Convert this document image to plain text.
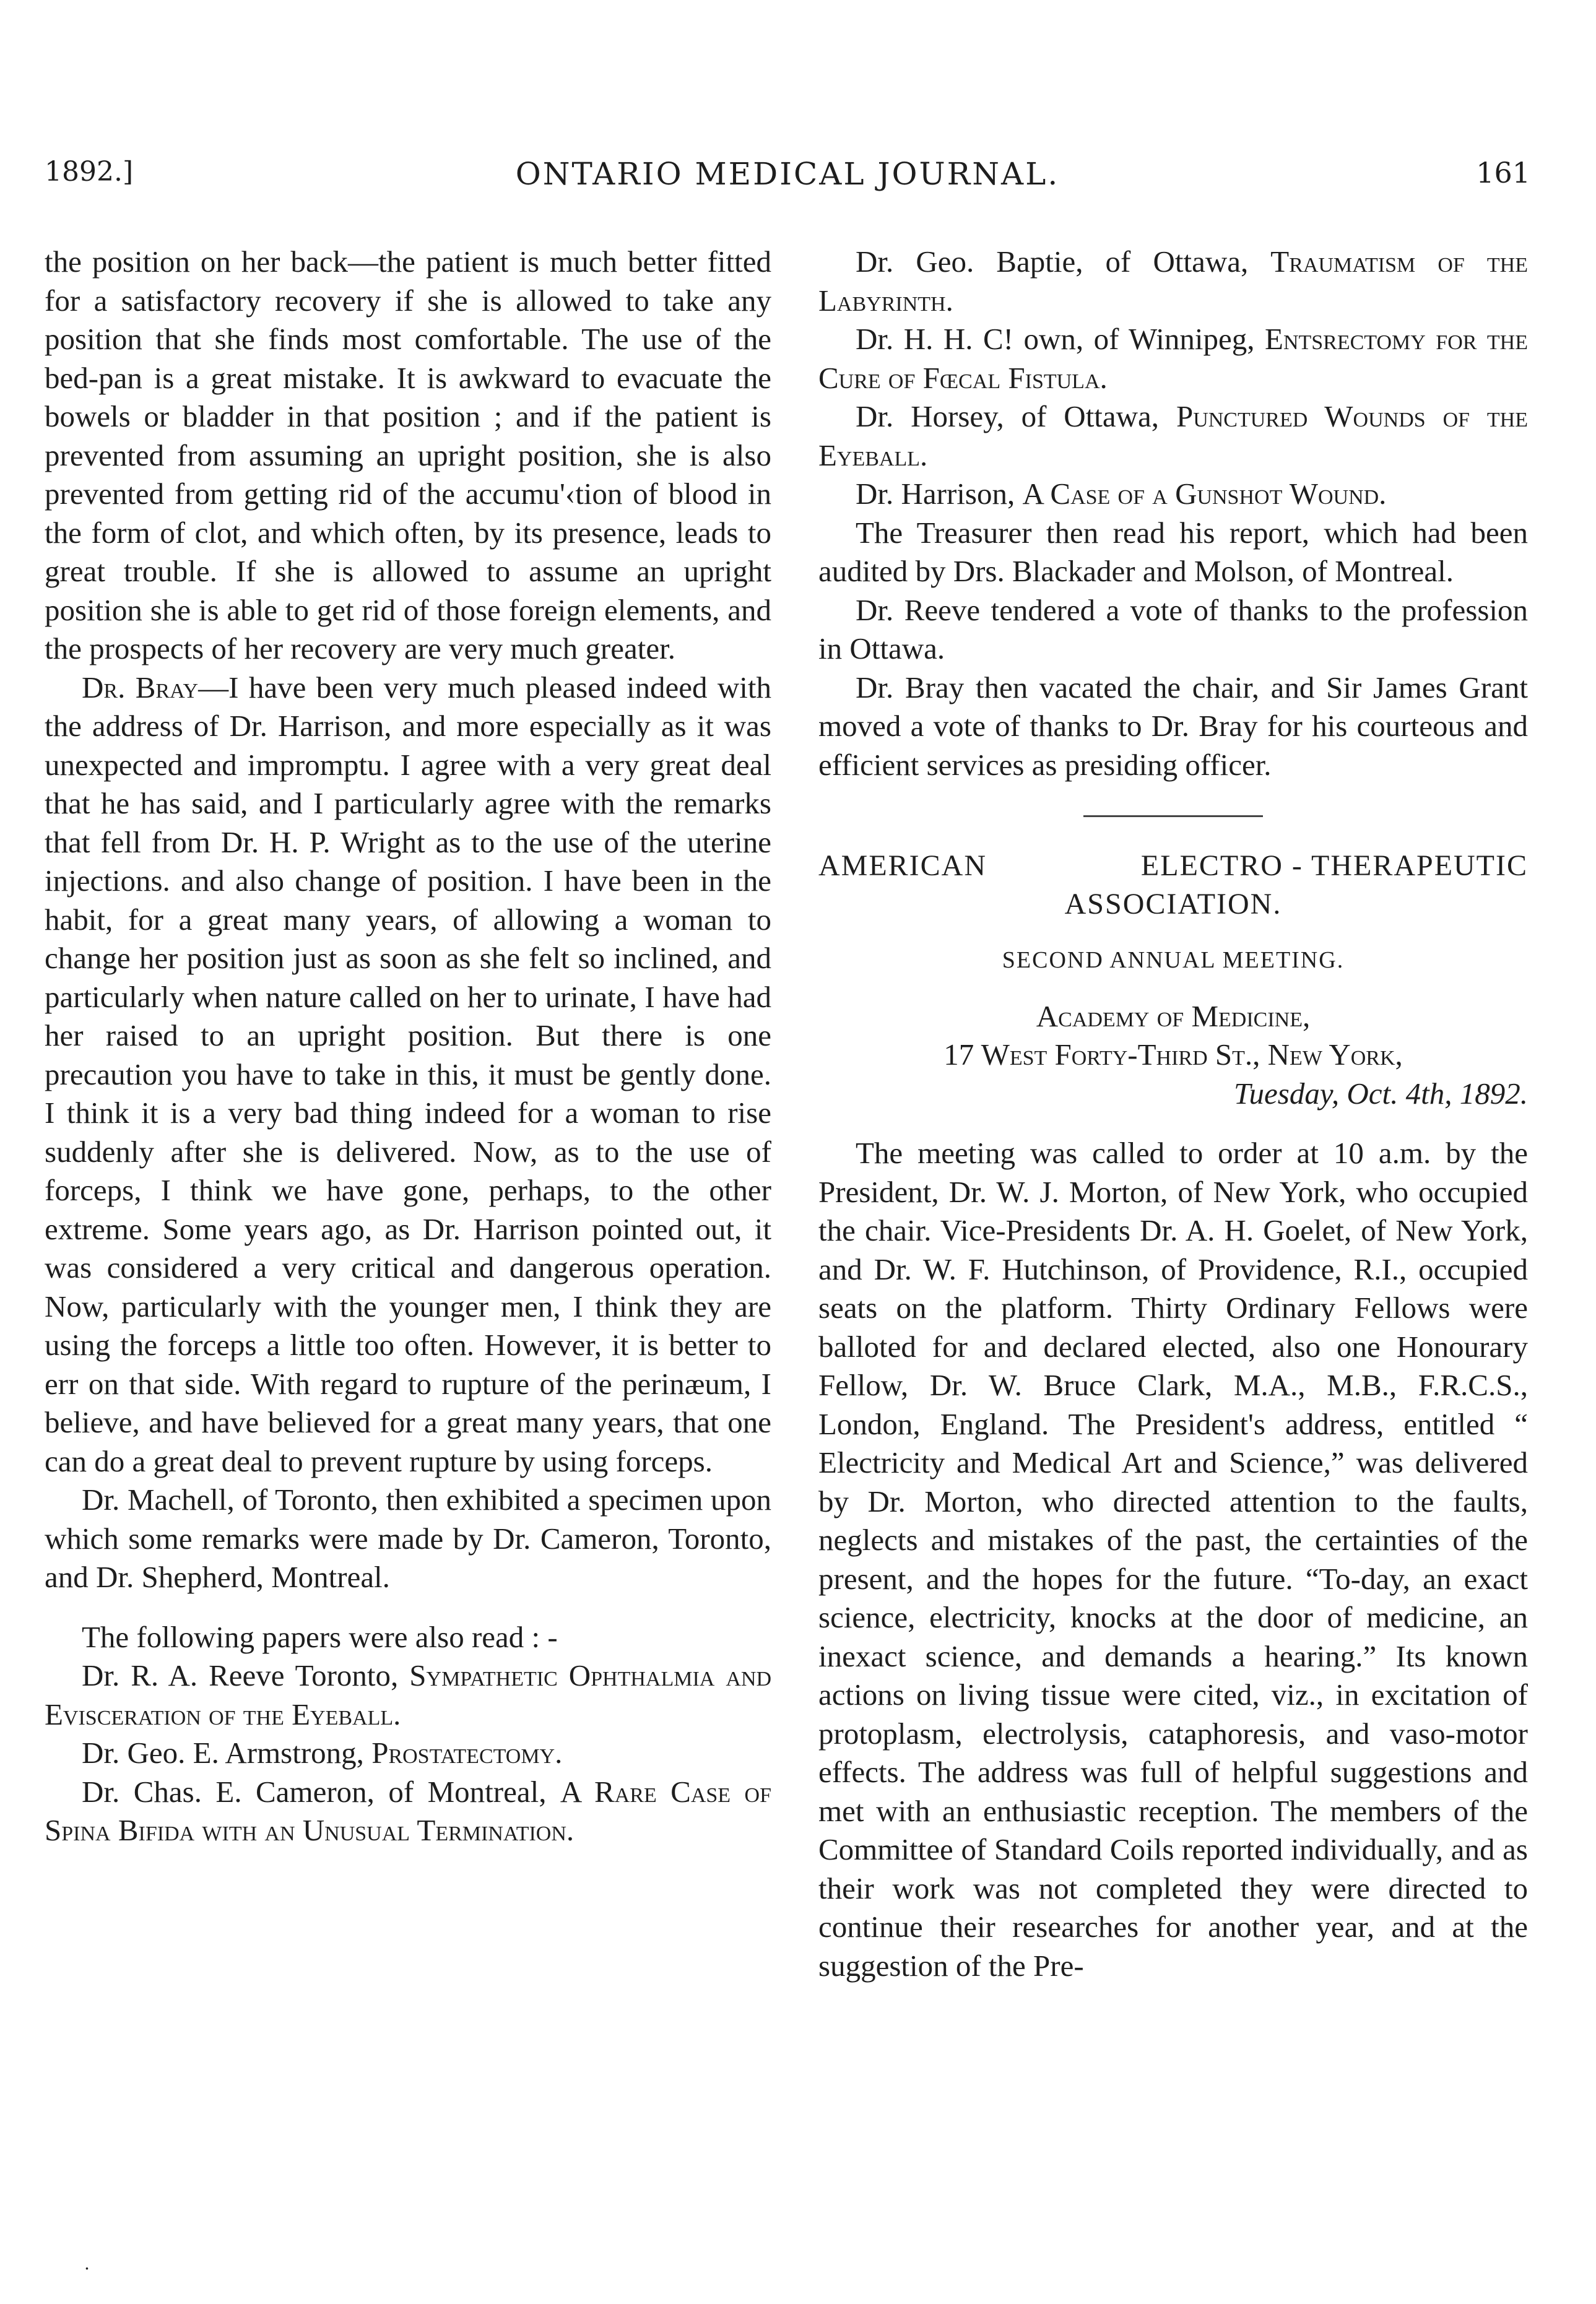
1892.]	ONTARIO MEDICAL JOURNAL.	161

the position on her back—the patient is much better fitted for a satisfactory recovery if she is allowed to take any position that she finds most comfortable. The use of the bed-pan is a great mistake. It is awkward to evacuate the bowels or bladder in that position ; and if the patient is prevented from assuming an upright position, she is also prevented from getting rid of the accumu'‹tion of blood in the form of clot, and which often, by its presence, leads to great trouble. If she is allowed to assume an upright position she is able to get rid of those foreign elements, and the prospects of her recovery are very much greater.

Dr. Bray—I have been very much pleased indeed with the address of Dr. Harrison, and more especially as it was unexpected and impromptu. I agree with a very great deal that he has said, and I particularly agree with the remarks that fell from Dr. H. P. Wright as to the use of the uterine injections. and also change of position. I have been in the habit, for a great many years, of allowing a woman to change her position just as soon as she felt so inclined, and particularly when nature called on her to urinate, I have had her raised to an upright position. But there is one precaution you have to take in this, it must be gently done. I think it is a very bad thing indeed for a woman to rise suddenly after she is delivered. Now, as to the use of forceps, I think we have gone, perhaps, to the other extreme. Some years ago, as Dr. Harrison pointed out, it was considered a very critical and dangerous operation. Now, particularly with the younger men, I think they are using the forceps a little too often. However, it is better to err on that side. With regard to rupture of the perinæum, I believe, and have believed for a great many years, that one can do a great deal to prevent rupture by using forceps.

Dr. Machell, of Toronto, then exhibited a specimen upon which some remarks were made by Dr. Cameron, Toronto, and Dr. Shepherd, Montreal.

The following papers were also read : -

Dr. R. A. Reeve Toronto, Sympathetic Ophthalmia and Evisceration of the Eyeball.

Dr. Geo. E. Armstrong, Prostatectomy.

Dr. Chas. E. Cameron, of Montreal, A Rare Case of Spina Bifida with an Unusual Termination.

Dr. Geo. Baptie, of Ottawa, Traumatism of the Labyrinth.

Dr. H. H. C! own, of Winnipeg, Entsrectomy for the Cure of Fœcal Fistula.

Dr. Horsey, of Ottawa, Punctured Wounds of the Eyeball.

Dr. Harrison, A Case of a Gunshot Wound.

The Treasurer then read his report, which had been audited by Drs. Blackader and Molson, of Montreal.

Dr. Reeve tendered a vote of thanks to the profession in Ottawa.

Dr. Bray then vacated the chair, and Sir James Grant moved a vote of thanks to Dr. Bray for his courteous and efficient services as presiding officer.

AMERICAN	ELECTRO - THERAPEUTIC
ASSOCIATION.
SECOND ANNUAL MEETING.
Academy of Medicine,
17 West Forty-Third St., New York,
Tuesday, Oct. 4th, 1892.

The meeting was called to order at 10 a.m. by the President, Dr. W. J. Morton, of New York, who occupied the chair. Vice-Presidents Dr. A. H. Goelet, of New York, and Dr. W. F. Hutchinson, of Providence, R.I., occupied seats on the platform. Thirty Ordinary Fellows were balloted for and declared elected, also one Honourary Fellow, Dr. W. Bruce Clark, M.A., M.B., F.R.C.S., London, England. The President's address, entitled “ Electricity and Medical Art and Science,” was delivered by Dr. Morton, who directed attention to the faults, neglects and mistakes of the past, the certainties of the present, and the hopes for the future. “To-day, an exact science, electricity, knocks at the door of medicine, an inexact science, and demands a hearing.” Its known actions on living tissue were cited, viz., in excitation of protoplasm, electrolysis, cataphoresis, and vaso-motor effects. The address was full of helpful suggestions and met with an enthusiastic reception. The members of the Committee of Standard Coils reported individually, and as their work was not completed they were directed to continue their researches for another year, and at the suggestion of the Pre-

.
